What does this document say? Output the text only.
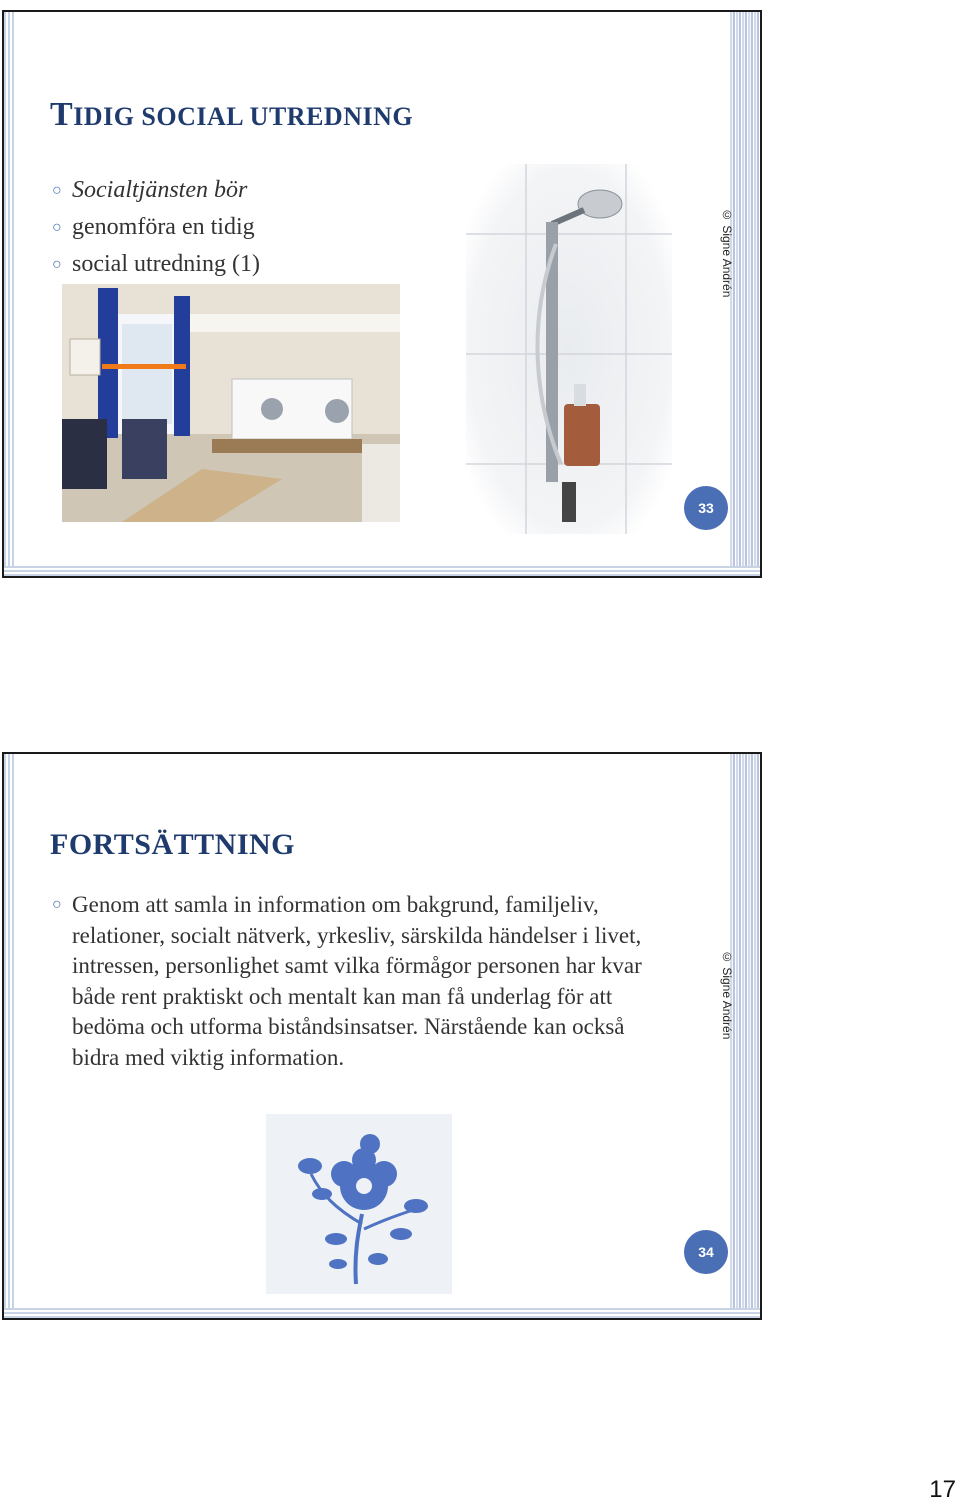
TIDIG SOCIAL UTREDNING
○ Socialtjänsten bör
○ genomföra en tidig
○ social utredning (1)	© Signe Andrén
33
FORTSÄTTNING
○ Genom att samla in information om bakgrund, familjeliv, relationer, socialt nätverk, yrkesliv, särskilda händelser i livet, intressen, personlighet samt vilka förmågor personen har kvar både rent praktiskt och mentalt kan man få underlag för att bedöma och utforma biståndsinsatser. Närstående kan också bidra med viktig information.
© Signe Andrén
34
17
